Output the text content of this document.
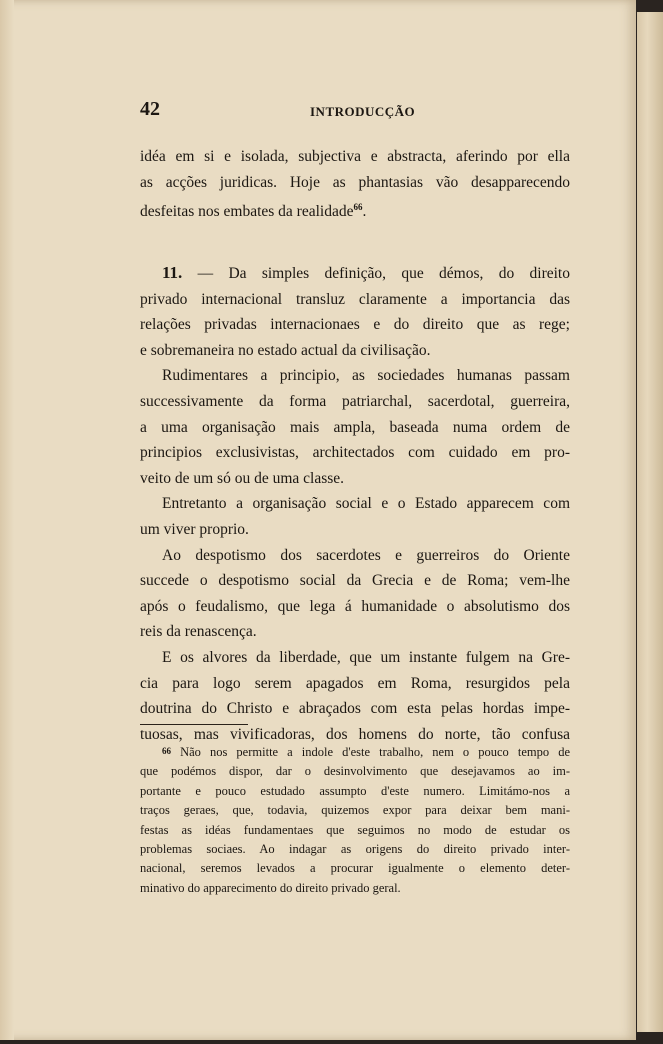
42	INTRODUCÇÃO
idéa em si e isolada, subjectiva e abstracta, aferindo por ella
as acções juridicas. Hoje as phantasias vão desapparecendo
desfeitas nos embates da realidade$^{66}$.
11. — Da simples definição, que démos, do direito
privado internacional transluz claramente a importancia das
relações privadas internacionaes e do direito que as rege;
e sobremaneira no estado actual da civilisação.
Rudimentares a principio, as sociedades humanas passam
successivamente da forma patriarchal, sacerdotal, guerreira,
a uma organisação mais ampla, baseada numa ordem de
principios exclusivistas, architectados com cuidado em pro-
veito de um só ou de uma classe.
Entretanto a organisação social e o Estado apparecem com
um viver proprio.
Ao despotismo dos sacerdotes e guerreiros do Oriente
succede o despotismo social da Grecia e de Roma; vem-lhe
após o feudalismo, que lega á humanidade o absolutismo dos
reis da renascença.
E os alvores da liberdade, que um instante fulgem na Gre-
cia para logo serem apagados em Roma, resurgidos pela
doutrina do Christo e abraçados com esta pelas hordas impe-
tuosas, mas vivificadoras, dos homens do norte, tão confusa
66 Não nos permitte a indole d'este trabalho, nem o pouco tempo de
que podémos dispor, dar o desinvolvimento que desejavamos ao im-
portante e pouco estudado assumpto d'este numero. Limitámo-nos a
traços geraes, que, todavia, quizemos expor para deixar bem mani-
festas as idéas fundamentaes que seguimos no modo de estudar os
problemas sociaes. Ao indagar as origens do direito privado inter-
nacional, seremos levados a procurar igualmente o elemento deter-
minativo do apparecimento do direito privado geral.
